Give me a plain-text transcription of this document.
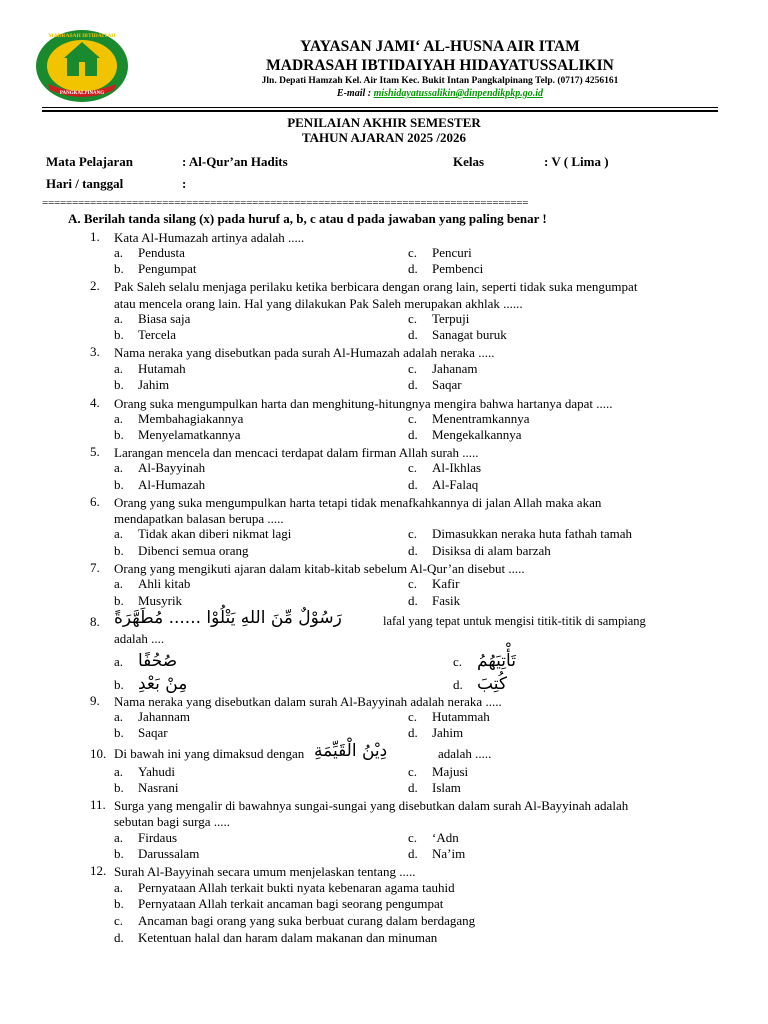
MADRASAH IBTIDAIYAH
PANGKALPINANG
YAYASAN JAMI‘ AL-HUSNA AIR ITAM
MADRASAH IBTIDAIYAH HIDAYATUSSALIKIN
Jln. Depati Hamzah Kel. Air Itam Kec. Bukit Intan Pangkalpinang Telp. (0717) 4256161
E-mail : mishidayatussalikin@dinpendikpkp.go.id
PENILAIAN AKHIR SEMESTER
TAHUN AJARAN 2025 /2026
Mata Pelajaran	: Al-Qur’an Hadits	Kelas	: V ( Lima )
Hari / tanggal	:
=================================================================================
A. Berilah tanda silang (x) pada huruf a, b, c atau d pada jawaban yang paling benar !
1. Kata Al-Humazah artinya adalah .....
a. Pendusta	c. Pencuri
b. Pengumpat	d. Pembenci
2. Pak Saleh selalu menjaga perilaku ketika berbicara dengan orang lain, seperti tidak suka mengumpat
atau mencela orang lain. Hal yang dilakukan Pak Saleh merupakan akhlak ......
a. Biasa saja	c. Terpuji
b. Tercela	d. Sanagat buruk
3. Nama neraka yang disebutkan pada surah Al-Humazah adalah neraka .....
a. Hutamah	c. Jahanam
b. Jahim	d. Saqar
4. Orang suka mengumpulkan harta dan menghitung-hitungnya mengira bahwa hartanya dapat .....
a. Membahagiakannya	c. Menentramkannya
b. Menyelamatkannya	d. Mengekalkannya
5. Larangan mencela dan mencaci terdapat dalam firman Allah surah .....
a. Al-Bayyinah	c. Al-Ikhlas
b. Al-Humazah	d. Al-Falaq
6. Orang yang suka mengumpulkan harta tetapi tidak menafkahkannya di jalan Allah maka akan
mendapatkan balasan berupa .....
a. Tidak akan diberi nikmat lagi	c. Dimasukkan neraka huta fathah tamah
b. Dibenci semua orang	d. Disiksa di alam barzah
7. Orang yang mengikuti ajaran dalam kitab-kitab sebelum Al-Qur’an disebut .....
a. Ahli kitab	c. Kafir
b. Musyrik	d. Fasik
8. رَسُوْلٌ مِّنَ اللهِ يَتْلُوْا ...... مُطَهَّرَةً	lafal yang tepat untuk mengisi titik-titik di sampiang
adalah ....
a. صُحُفًا	c. تَأْتِيَهُمُ
b. مِنْ بَعْدِ	d. كُتِبَ
9. Nama neraka yang disebutkan dalam surah Al-Bayyinah adalah neraka .....
a. Jahannam	c. Hutammah
b. Saqar	d. Jahim
10. Di bawah ini yang dimaksud dengan دِيْنُ الْقَيِّمَةِ	adalah .....
a. Yahudi	c. Majusi
b. Nasrani	d. Islam
11. Surga yang mengalir di bawahnya sungai-sungai yang disebutkan dalam surah Al-Bayyinah adalah
sebutan bagi surga .....
a. Firdaus	c. ‘Adn
b. Darussalam	d. Na’im
12. Surah Al-Bayyinah secara umum menjelaskan tentang .....
a. Pernyataan Allah terkait bukti nyata kebenaran agama tauhid
b. Pernyataan Allah terkait ancaman bagi seorang pengumpat
c. Ancaman bagi orang yang suka berbuat curang dalam berdagang
d. Ketentuan halal dan haram dalam makanan dan minuman
